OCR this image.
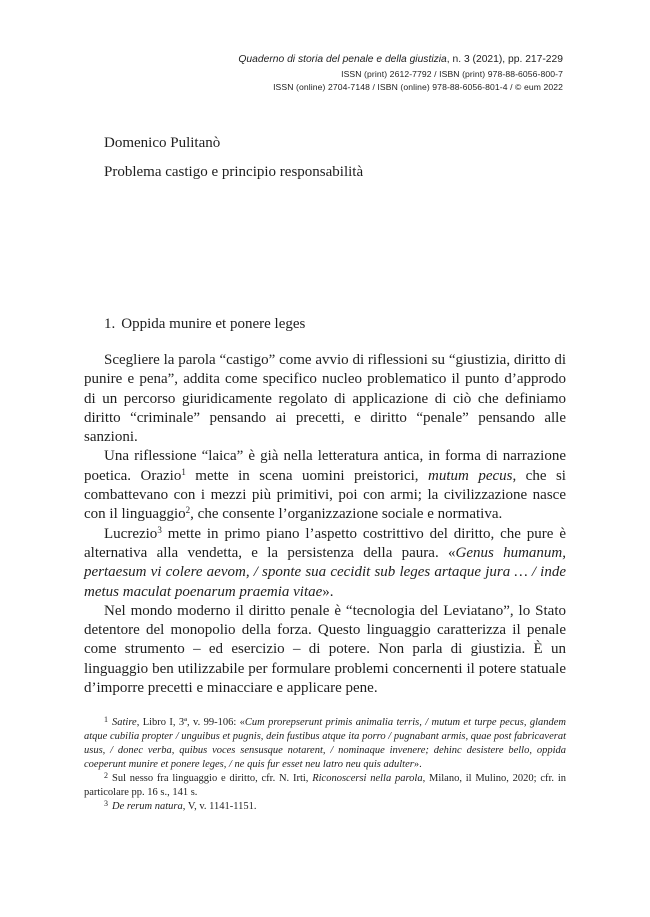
Quaderno di storia del penale e della giustizia, n. 3 (2021), pp. 217-229
ISSN (print) 2612-7792 / ISBN (print) 978-88-6056-800-7
ISSN (online) 2704-7148 / ISBN (online) 978-88-6056-801-4 / © eum 2022
Domenico Pulitanò
Problema castigo e principio responsabilità
1. Oppida munire et ponere leges

Scegliere la parola “castigo” come avvio di riflessioni su “giustizia, diritto di punire e pena”, addita come specifico nucleo problematico il punto d’approdo di un percorso giuridicamente regolato di applicazione di ciò che definiamo diritto “criminale” pensando ai precetti, e diritto “penale” pensando alle sanzioni.

Una riflessione “laica” è già nella letteratura antica, in forma di narrazione poetica. Orazio$^1$ mette in scena uomini preistorici, mutum pecus, che si combattevano con i mezzi più primitivi, poi con armi; la civilizzazione nasce con il linguaggio$^2$, che consente l’organizzazione sociale e normativa.

Lucrezio$^3$ mette in primo piano l’aspetto costrittivo del diritto, che pure è alternativa alla vendetta, e la persistenza della paura. «Genus humanum, pertaesum vi colere aevom, / sponte sua cecidit sub leges artaque jura … / inde metus maculat poenarum praemia vitae».

Nel mondo moderno il diritto penale è “tecnologia del Leviatano”, lo Stato detentore del monopolio della forza. Questo linguaggio caratterizza il penale come strumento – ed esercizio – di potere. Non parla di giustizia. È un linguaggio ben utilizzabile per formulare problemi concernenti il potere statuale d’imporre precetti e minacciare e applicare pene.

$^1$ Satire, Libro I, 3ª, v. 99-106: «Cum prorepserunt primis animalia terris, / mutum et turpe pecus, glandem atque cubilia propter / unguibus et pugnis, dein fustibus atque ita porro / pugnabant armis, quae post fabricaverat usus, / donec verba, quibus voces sensusque notarent, / nominaque invenere; dehinc desistere bello, oppida coeperunt munire et ponere leges, / ne quis fur esset neu latro neu quis adulter».

$^2$ Sul nesso fra linguaggio e diritto, cfr. N. Irti, Riconoscersi nella parola, Milano, il Mulino, 2020; cfr. in particolare pp. 16 s., 141 s.

$^3$ De rerum natura, V, v. 1141-1151.
